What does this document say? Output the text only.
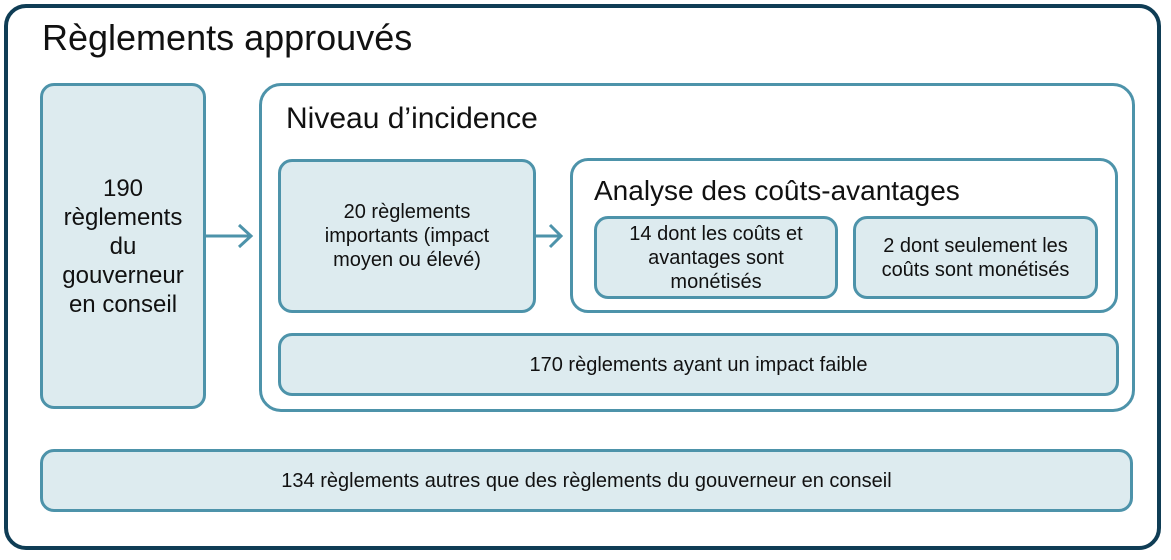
Règlements approuvés
190 règlements du gouverneur en conseil
Niveau d’incidence
20 règlements importants (impact moyen ou élevé)
Analyse des coûts-avantages
14 dont les coûts et avantages sont monétisés
2 dont seulement les coûts sont monétisés
170 règlements ayant un impact faible
134 règlements autres que des règlements du gouverneur en conseil
